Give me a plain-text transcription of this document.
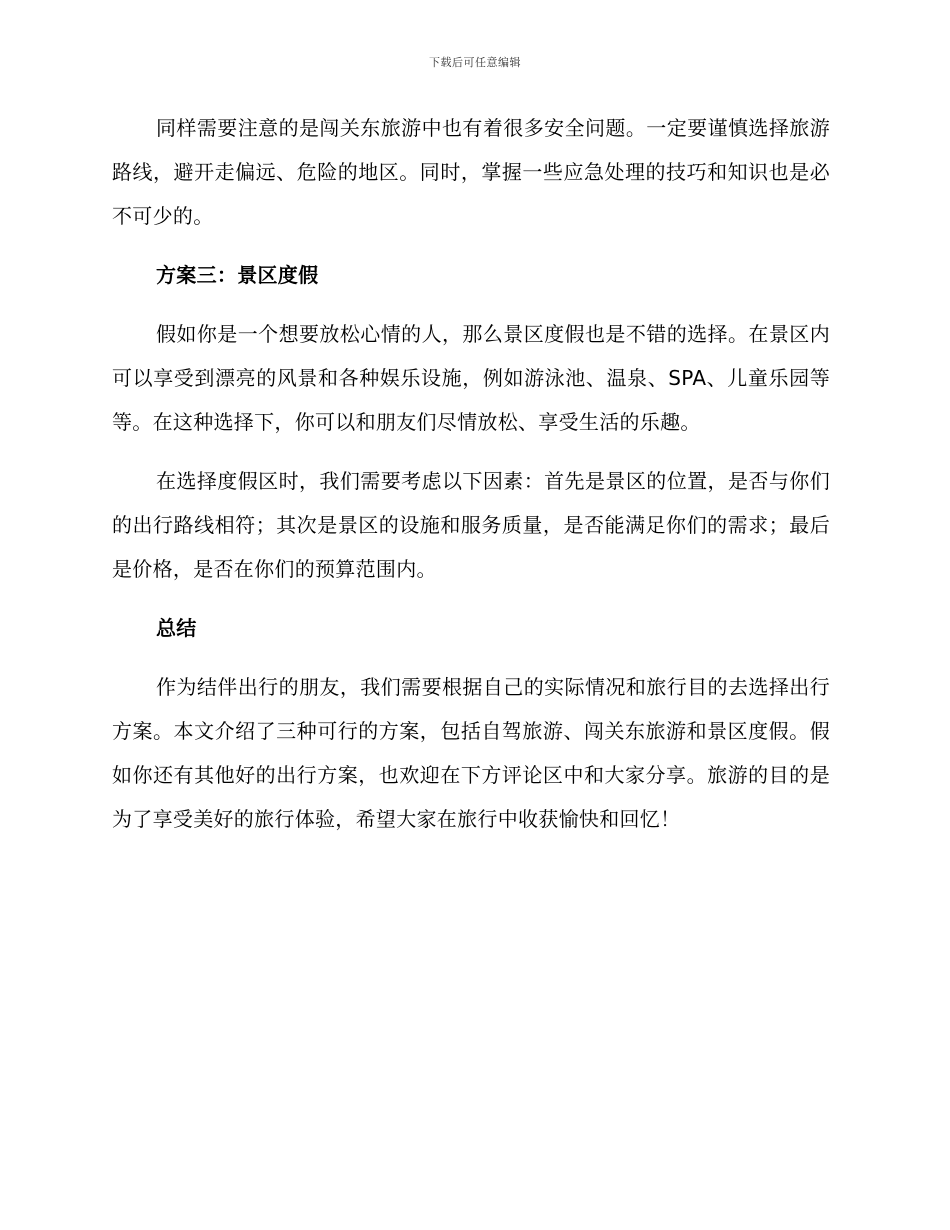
下载后可任意编辑

同样需要注意的是闯关东旅游中也有着很多安全问题。一定要谨慎选择旅游路线，避开走偏远、危险的地区。同时，掌握一些应急处理的技巧和知识也是必不可少的。

方案三：景区度假

假如你是一个想要放松心情的人，那么景区度假也是不错的选择。在景区内可以享受到漂亮的风景和各种娱乐设施，例如游泳池、温泉、SPA、儿童乐园等等。在这种选择下，你可以和朋友们尽情放松、享受生活的乐趣。

在选择度假区时，我们需要考虑以下因素：首先是景区的位置，是否与你们的出行路线相符；其次是景区的设施和服务质量，是否能满足你们的需求；最后是价格，是否在你们的预算范围内。

总结

作为结伴出行的朋友，我们需要根据自己的实际情况和旅行目的去选择出行方案。本文介绍了三种可行的方案，包括自驾旅游、闯关东旅游和景区度假。假如你还有其他好的出行方案，也欢迎在下方评论区中和大家分享。旅游的目的是为了享受美好的旅行体验，希望大家在旅行中收获愉快和回忆！
